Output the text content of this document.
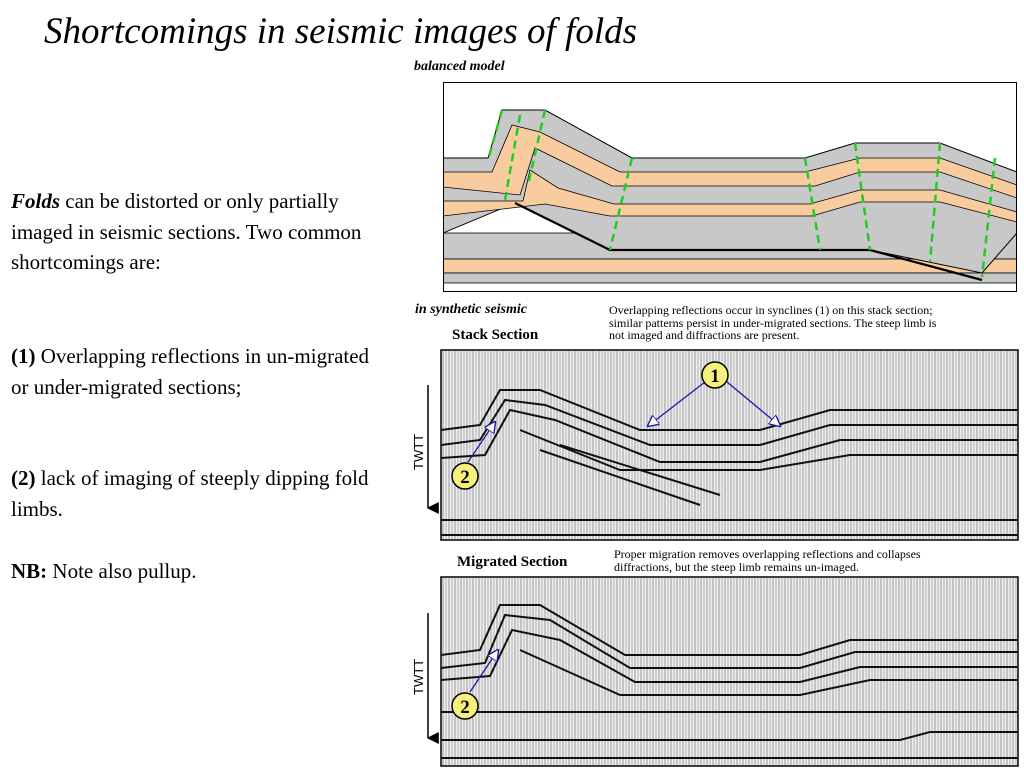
Shortcomings in seismic images of folds
Folds can be distorted or only partially imaged in seismic sections. Two common shortcomings are:
(1) Overlapping reflections in un-migrated or under-migrated sections;
(2) lack of imaging of steeply dipping fold limbs.
NB: Note also pullup.
balanced model
in synthetic seismic
Stack Section
Overlapping reflections occur in synclines (1) on this stack section;
similar patterns persist in under-migrated sections. The steep limb is
not imaged and diffractions are present.
Migrated Section	Proper migration removes overlapping reflections and collapses
diffractions, but the steep limb remains un-imaged.
TWTT
TWTT
1
2
2
